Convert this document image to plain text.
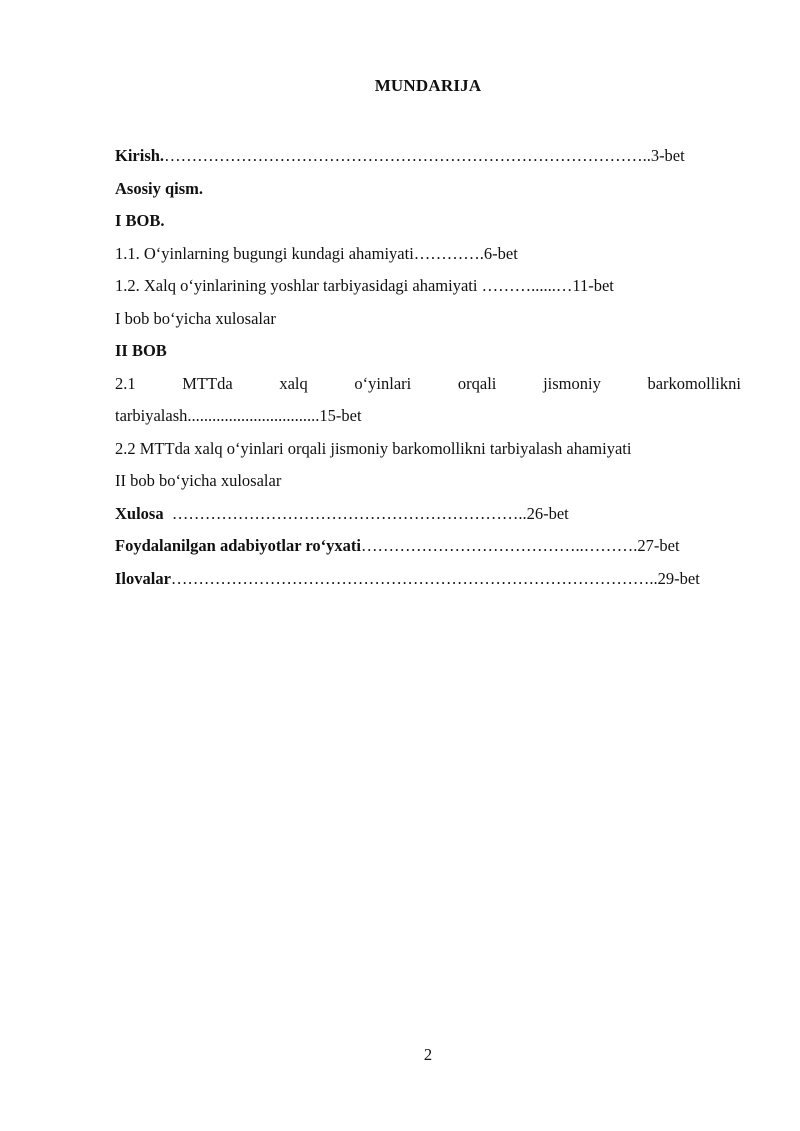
MUNDARIJA
Kirish.……………………………………………………………………………..3-bet
Asosiy qism.
I BOB.
1.1. O‘yinlarning bugungi kundagi ahamiyati………….6-bet
1.2. Xalq o‘yinlarining yoshlar tarbiyasidagi ahamiyati ………......…11-bet
I bob bo‘yicha xulosalar
II BOB
2.1	MTTda	xalq	o‘yinlari	orqali	jismoniy	barkomollikni
tarbiyalash................................15-bet
2.2 MTTda xalq o‘yinlari orqali jismoniy barkomollikni tarbiyalash ahamiyati
II bob bo‘yicha xulosalar
Xulosa  ………………………………………………………..26-bet
Foydalanilgan adabiyotlar ro‘yxati…………………………………..……….27-bet
Ilovalar……………………………………………………………………………..29-bet
2
